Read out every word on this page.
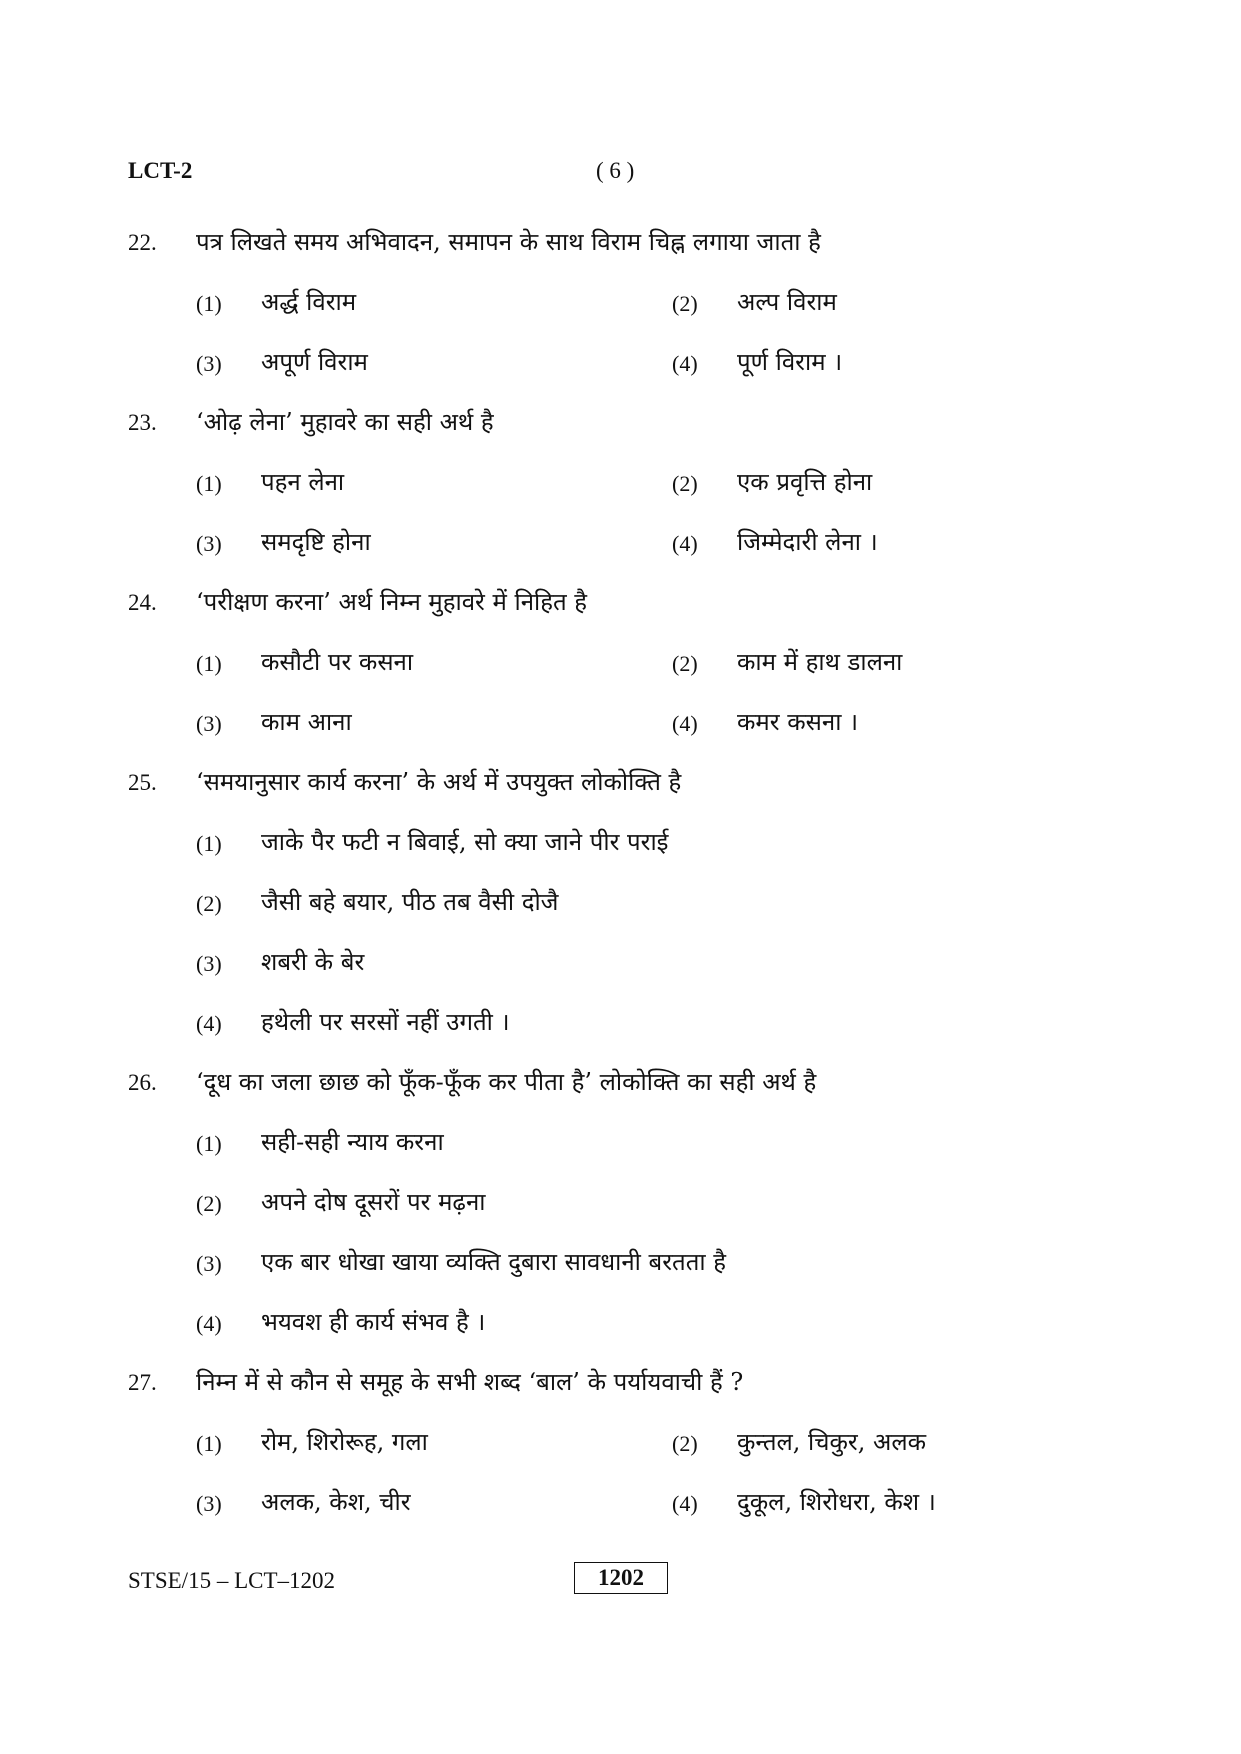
LCT-2	( 6 )
22. पत्र लिखते समय अभिवादन, समापन के साथ विराम चिह्न लगाया जाता है
(1) अर्द्ध विराम	(2) अल्प विराम
(3) अपूर्ण विराम	(4) पूर्ण विराम ।
23. ‘ओढ़ लेना’ मुहावरे का सही अर्थ है
(1) पहन लेना	(2) एक प्रवृत्ति होना
(3) समदृष्टि होना	(4) जिम्मेदारी लेना ।
24. ‘परीक्षण करना’ अर्थ निम्न मुहावरे में निहित है
(1) कसौटी पर कसना	(2) काम में हाथ डालना
(3) काम आना	(4) कमर कसना ।
25. ‘समयानुसार कार्य करना’ के अर्थ में उपयुक्त लोकोक्ति है
(1) जाके पैर फटी न बिवाई, सो क्या जाने पीर पराई
(2) जैसी बहे बयार, पीठ तब वैसी दोजै
(3) शबरी के बेर
(4) हथेली पर सरसों नहीं उगती ।
26. ‘दूध का जला छाछ को फूँक-फूँक कर पीता है’ लोकोक्ति का सही अर्थ है
(1) सही-सही न्याय करना
(2) अपने दोष दूसरों पर मढ़ना
(3) एक बार धोखा खाया व्यक्ति दुबारा सावधानी बरतता है
(4) भयवश ही कार्य संभव है ।
27. निम्न में से कौन से समूह के सभी शब्द ‘बाल’ के पर्यायवाची हैं ?
(1) रोम, शिरोरूह, गला	(2) कुन्तल, चिकुर, अलक
(3) अलक, केश, चीर	(4) दुकूल, शिरोधरा, केश ।
STSE/15 – LCT–1202	1202
